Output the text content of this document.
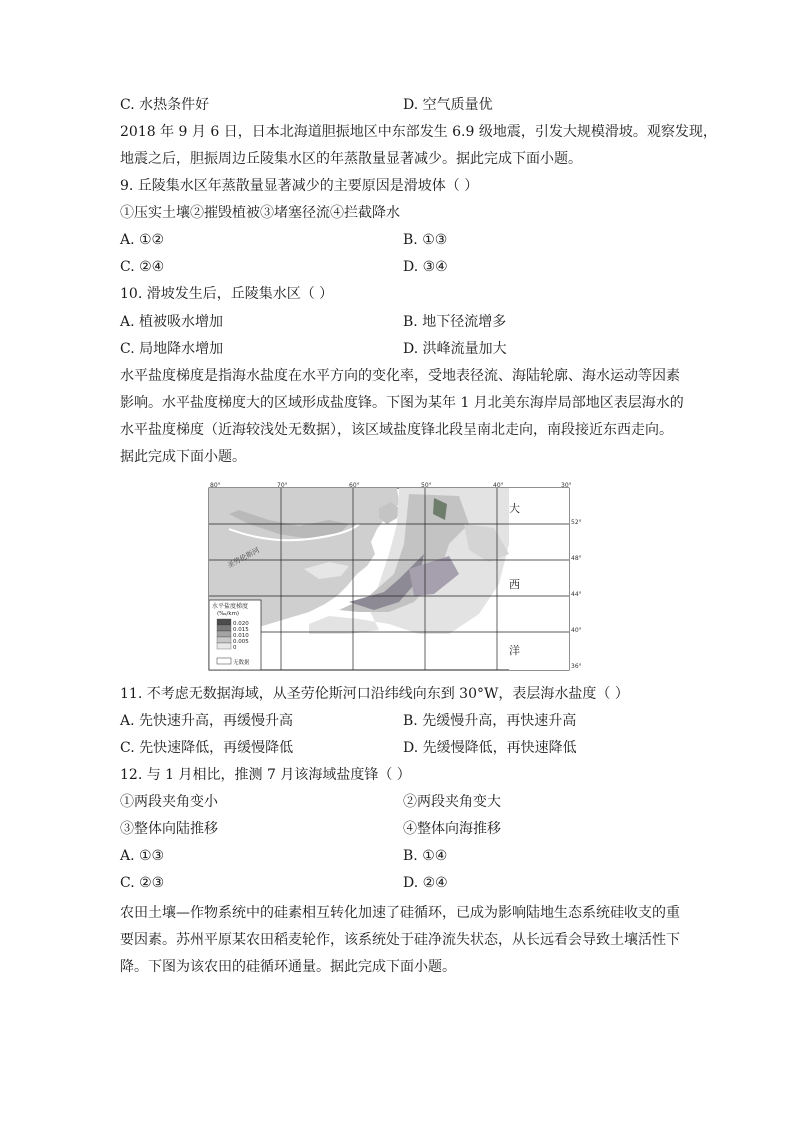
C. 水热条件好	D. 空气质量优
2018 年 9 月 6 日，日本北海道胆振地区中东部发生 6.9 级地震，引发大规模滑坡。观察发现，
地震之后，胆振周边丘陵集水区的年蒸散量显著减少。据此完成下面小题。
9. 丘陵集水区年蒸散量显著减少的主要原因是滑坡体（ ）
①压实土壤②摧毁植被③堵塞径流④拦截降水
A. ①②	B. ①③
C. ②④	D. ③④
10. 滑坡发生后，丘陵集水区（ ）
A. 植被吸水增加	B. 地下径流增多
C. 局地降水增加	D. 洪峰流量加大
水平盐度梯度是指海水盐度在水平方向的变化率，受地表径流、海陆轮廓、海水运动等因素
影响。水平盐度梯度大的区域形成盐度锋。下图为某年 1 月北美东海岸局部地区表层海水的
水平盐度梯度（近海较浅处无数据），该区域盐度锋北段呈南北走向，南段接近东西走向。
据此完成下面小题。
80°	70°	60°	50°	40°	30°
52°
48°
44°
40°
36°
圣劳伦斯河
大
西
洋
水平盐度梯度
(‰/km)
0.020
0.015
0.010
0.005
0
无数据
11. 不考虑无数据海域，从圣劳伦斯河口沿纬线向东到 30°W，表层海水盐度（ ）
A. 先快速升高，再缓慢升高	B. 先缓慢升高，再快速升高
C. 先快速降低，再缓慢降低	D. 先缓慢降低，再快速降低
12. 与 1 月相比，推测 7 月该海域盐度锋（ ）
①两段夹角变小	②两段夹角变大
③整体向陆推移	④整体向海推移
A. ①③	B. ①④
C. ②③	D. ②④
农田土壤—作物系统中的硅素相互转化加速了硅循环，已成为影响陆地生态系统硅收支的重
要因素。苏州平原某农田稻麦轮作，该系统处于硅净流失状态，从长远看会导致土壤活性下
降。下图为该农田的硅循环通量。据此完成下面小题。
